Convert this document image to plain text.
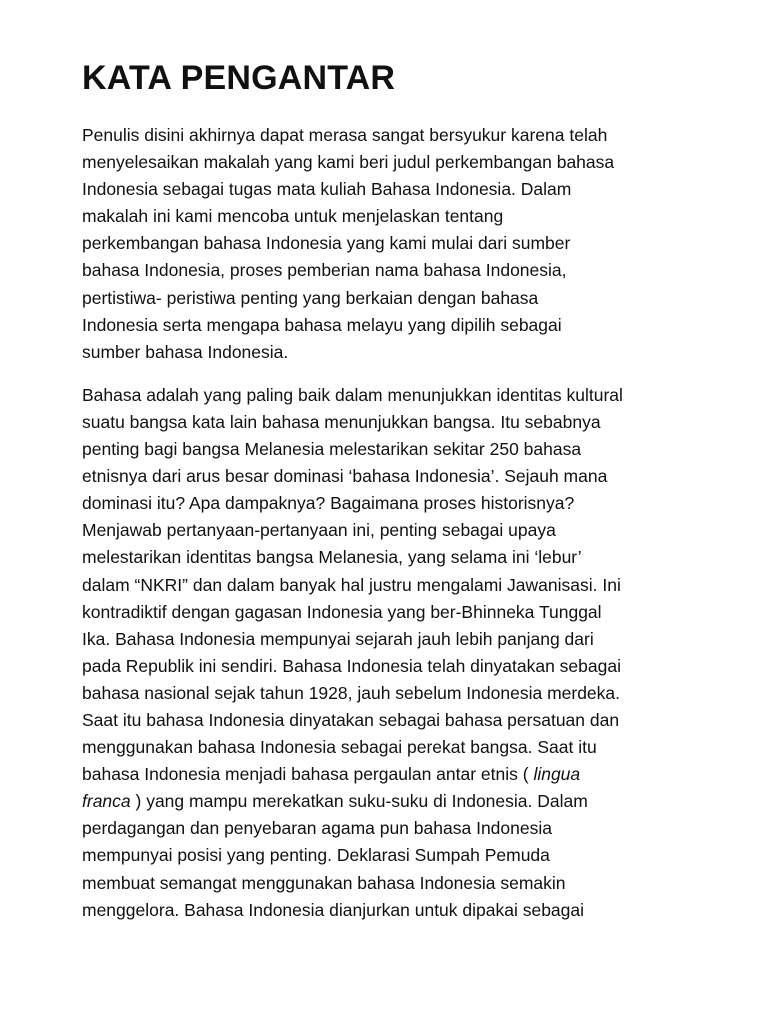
KATA PENGANTAR

Penulis disini akhirnya dapat merasa sangat bersyukur karena telah
menyelesaikan makalah yang kami beri judul perkembangan bahasa
Indonesia sebagai tugas mata kuliah Bahasa Indonesia. Dalam
makalah ini kami mencoba untuk menjelaskan tentang
perkembangan bahasa Indonesia yang kami mulai dari sumber
bahasa Indonesia, proses pemberian nama bahasa Indonesia,
pertistiwa- peristiwa penting yang berkaian dengan bahasa
Indonesia serta mengapa bahasa melayu yang dipilih sebagai
sumber bahasa Indonesia.

Bahasa adalah yang paling baik dalam menunjukkan identitas kultural
suatu bangsa kata lain bahasa menunjukkan bangsa. Itu sebabnya
penting bagi bangsa Melanesia melestarikan sekitar 250 bahasa
etnisnya dari arus besar dominasi ‘bahasa Indonesia’. Sejauh mana
dominasi itu? Apa dampaknya? Bagaimana proses historisnya?
Menjawab pertanyaan-pertanyaan ini, penting sebagai upaya
melestarikan identitas bangsa Melanesia, yang selama ini ‘lebur’
dalam “NKRI” dan dalam banyak hal justru mengalami Jawanisasi. Ini
kontradiktif dengan gagasan Indonesia yang ber-Bhinneka Tunggal
Ika. Bahasa Indonesia mempunyai sejarah jauh lebih panjang dari
pada Republik ini sendiri. Bahasa Indonesia telah dinyatakan sebagai
bahasa nasional sejak tahun 1928, jauh sebelum Indonesia merdeka.
Saat itu bahasa Indonesia dinyatakan sebagai bahasa persatuan dan
menggunakan bahasa Indonesia sebagai perekat bangsa. Saat itu
bahasa Indonesia menjadi bahasa pergaulan antar etnis ( lingua
franca ) yang mampu merekatkan suku-suku di Indonesia. Dalam
perdagangan dan penyebaran agama pun bahasa Indonesia
mempunyai posisi yang penting. Deklarasi Sumpah Pemuda
membuat semangat menggunakan bahasa Indonesia semakin
menggelora. Bahasa Indonesia dianjurkan untuk dipakai sebagai
